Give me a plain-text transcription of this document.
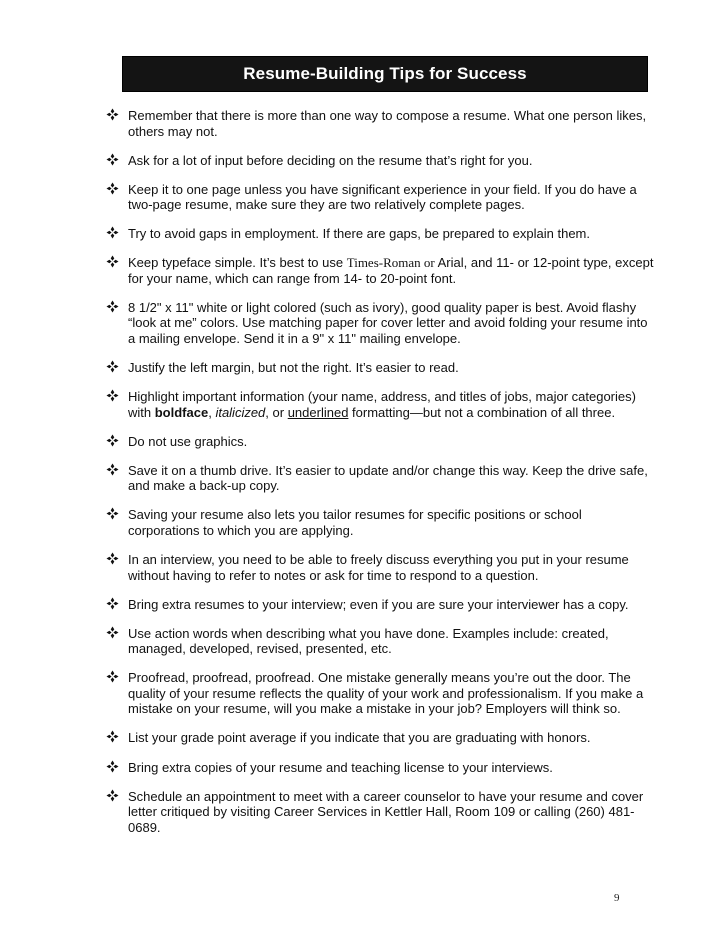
Resume-Building Tips for Success
Remember that there is more than one way to compose a resume. What one person likes, others may not.
Ask for a lot of input before deciding on the resume that’s right for you.
Keep it to one page unless you have significant experience in your field. If you do have a two-page resume, make sure they are two relatively complete pages.
Try to avoid gaps in employment. If there are gaps, be prepared to explain them.
Keep typeface simple. It’s best to use Times-Roman or Arial, and 11- or 12-point type, except for your name, which can range from 14- to 20-point font.
8 1/2" x 11" white or light colored (such as ivory), good quality paper is best. Avoid flashy “look at me” colors. Use matching paper for cover letter and avoid folding your resume into a mailing envelope. Send it in a 9" x 11" mailing envelope.
Justify the left margin, but not the right. It’s easier to read.
Highlight important information (your name, address, and titles of jobs, major categories) with boldface, italicized, or underlined formatting—but not a combination of all three.
Do not use graphics.
Save it on a thumb drive. It’s easier to update and/or change this way. Keep the drive safe, and make a back-up copy.
Saving your resume also lets you tailor resumes for specific positions or school corporations to which you are applying.
In an interview, you need to be able to freely discuss everything you put in your resume without having to refer to notes or ask for time to respond to a question.
Bring extra resumes to your interview; even if you are sure your interviewer has a copy.
Use action words when describing what you have done. Examples include: created, managed, developed, revised, presented, etc.
Proofread, proofread, proofread. One mistake generally means you’re out the door. The quality of your resume reflects the quality of your work and professionalism. If you make a mistake on your resume, will you make a mistake in your job? Employers will think so.
List your grade point average if you indicate that you are graduating with honors.
Bring extra copies of your resume and teaching license to your interviews.
Schedule an appointment to meet with a career counselor to have your resume and cover letter critiqued by visiting Career Services in Kettler Hall, Room 109 or calling (260) 481-0689.
9
